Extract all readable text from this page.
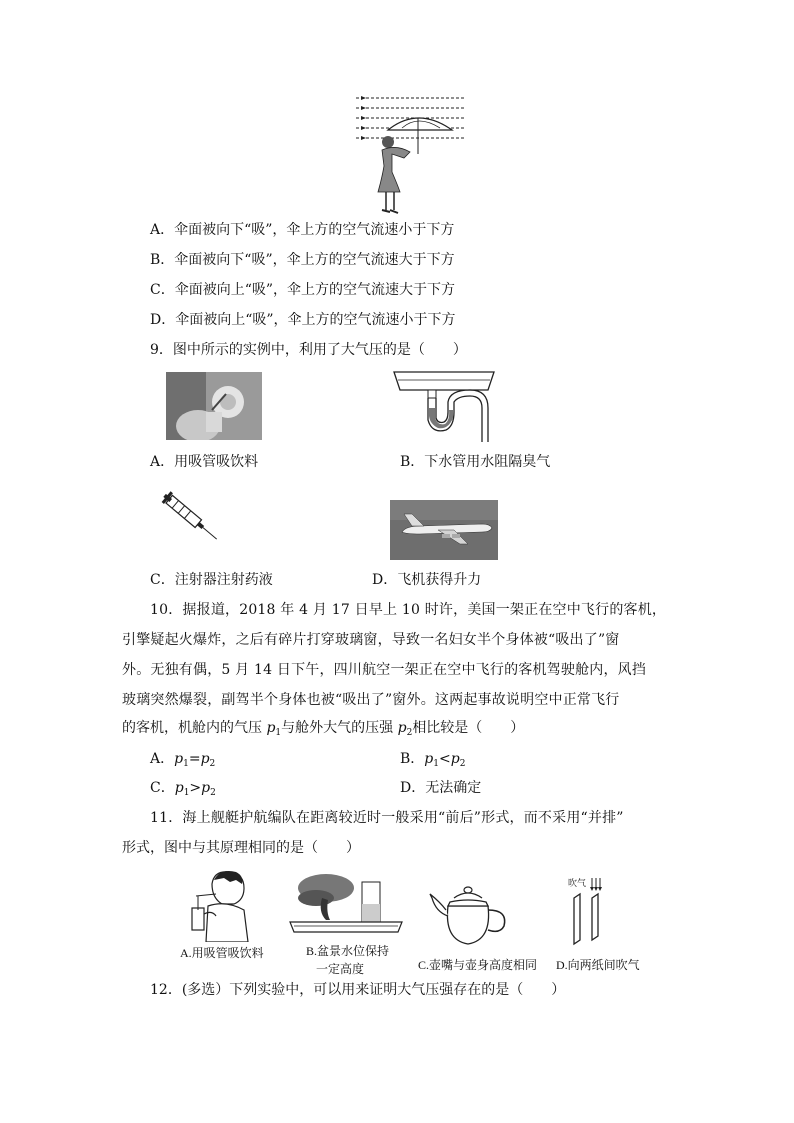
A．伞面被向下“吸”，伞上方的空气流速小于下方
B．伞面被向下“吸”，伞上方的空气流速大于下方
C．伞面被向上“吸”，伞上方的空气流速大于下方
D．伞面被向上“吸”，伞上方的空气流速小于下方
9．图中所示的实例中，利用了大气压的是（　　）
A．用吸管吸饮料	B．下水管用水阻隔臭气
C．注射器注射药液	D．飞机获得升力
10．据报道，2018 年 4 月 17 日早上 10 时许，美国一架正在空中飞行的客机，
引擎疑起火爆炸，之后有碎片打穿玻璃窗，导致一名妇女半个身体被“吸出了”窗
外。无独有偶，5 月 14 日下午，四川航空一架正在空中飞行的客机驾驶舱内，风挡
玻璃突然爆裂，副驾半个身体也被“吸出了”窗外。这两起事故说明空中正常飞行
的客机，机舱内的气压 $p_1$与舱外大气的压强 $p_2$相比较是（　　）
A．$p_1=p_2$	B．$p_1<p_2$
C．$p_1>p_2$	D．无法确定
11．海上舰艇护航编队在距离较近时一般采用“前后”形式，而不采用“并排”
形式，图中与其原理相同的是（　　）
吹气
A.用吸管吸饮料	B.盆景水位保持
一定高度	C.壶嘴与壶身高度相同 D.向两纸间吹气
12．(多选）下列实验中，可以用来证明大气压强存在的是（　　）
